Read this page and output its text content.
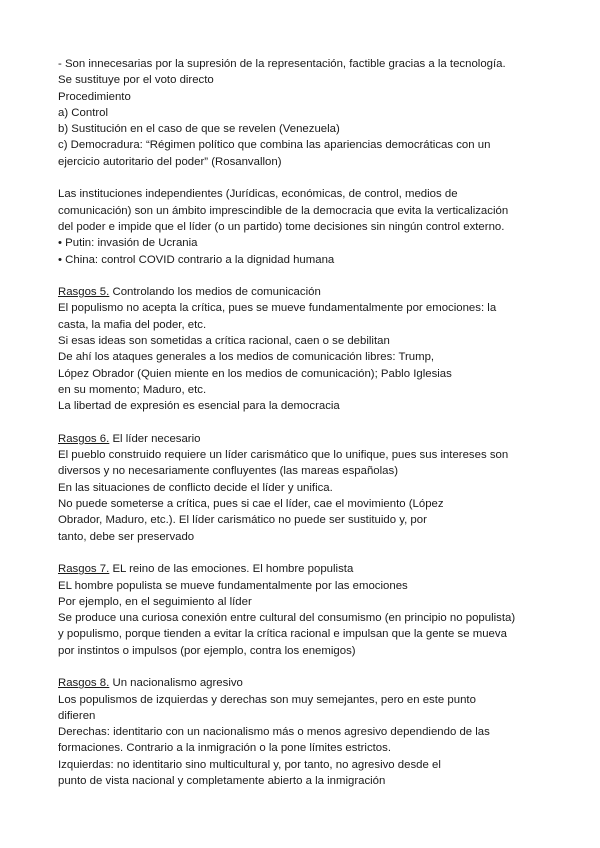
- Son innecesarias por la supresión de la representación, factible gracias a la tecnología.
Se sustituye por el voto directo
Procedimiento
a) Control
b) Sustitución en el caso de que se revelen (Venezuela)
c) Democradura: “Régimen político que combina las apariencias democráticas con un
ejercicio autoritario del poder” (Rosanvallon)
Las instituciones independientes (Jurídicas, económicas, de control, medios de
comunicación) son un ámbito imprescindible de la democracia que evita la verticalización
del poder e impide que el líder (o un partido) tome decisiones sin ningún control externo.
• Putin: invasión de Ucrania
• China: control COVID contrario a la dignidad humana
Rasgos 5. Controlando los medios de comunicación
El populismo no acepta la crítica, pues se mueve fundamentalmente por emociones: la
casta, la mafia del poder, etc.
Si esas ideas son sometidas a crítica racional, caen o se debilitan
De ahí los ataques generales a los medios de comunicación libres: Trump,
López Obrador (Quien miente en los medios de comunicación); Pablo Iglesias
en su momento; Maduro, etc.
La libertad de expresión es esencial para la democracia
Rasgos 6. El líder necesario
El pueblo construido requiere un líder carismático que lo unifique, pues sus intereses son
diversos y no necesariamente confluyentes (las mareas españolas)
En las situaciones de conflicto decide el líder y unifica.
No puede someterse a crítica, pues si cae el líder, cae el movimiento (López
Obrador, Maduro, etc.). El líder carismático no puede ser sustituido y, por
tanto, debe ser preservado
Rasgos 7. EL reino de las emociones. El hombre populista
EL hombre populista se mueve fundamentalmente por las emociones
Por ejemplo, en el seguimiento al líder
Se produce una curiosa conexión entre cultural del consumismo (en principio no populista)
y populismo, porque tienden a evitar la crítica racional e impulsan que la gente se mueva
por instintos o impulsos (por ejemplo, contra los enemigos)
Rasgos 8. Un nacionalismo agresivo
Los populismos de izquierdas y derechas son muy semejantes, pero en este punto
difieren
Derechas: identitario con un nacionalismo más o menos agresivo dependiendo de las
formaciones. Contrario a la inmigración o la pone límites estrictos.
Izquierdas: no identitario sino multicultural y, por tanto, no agresivo desde el
punto de vista nacional y completamente abierto a la inmigración
